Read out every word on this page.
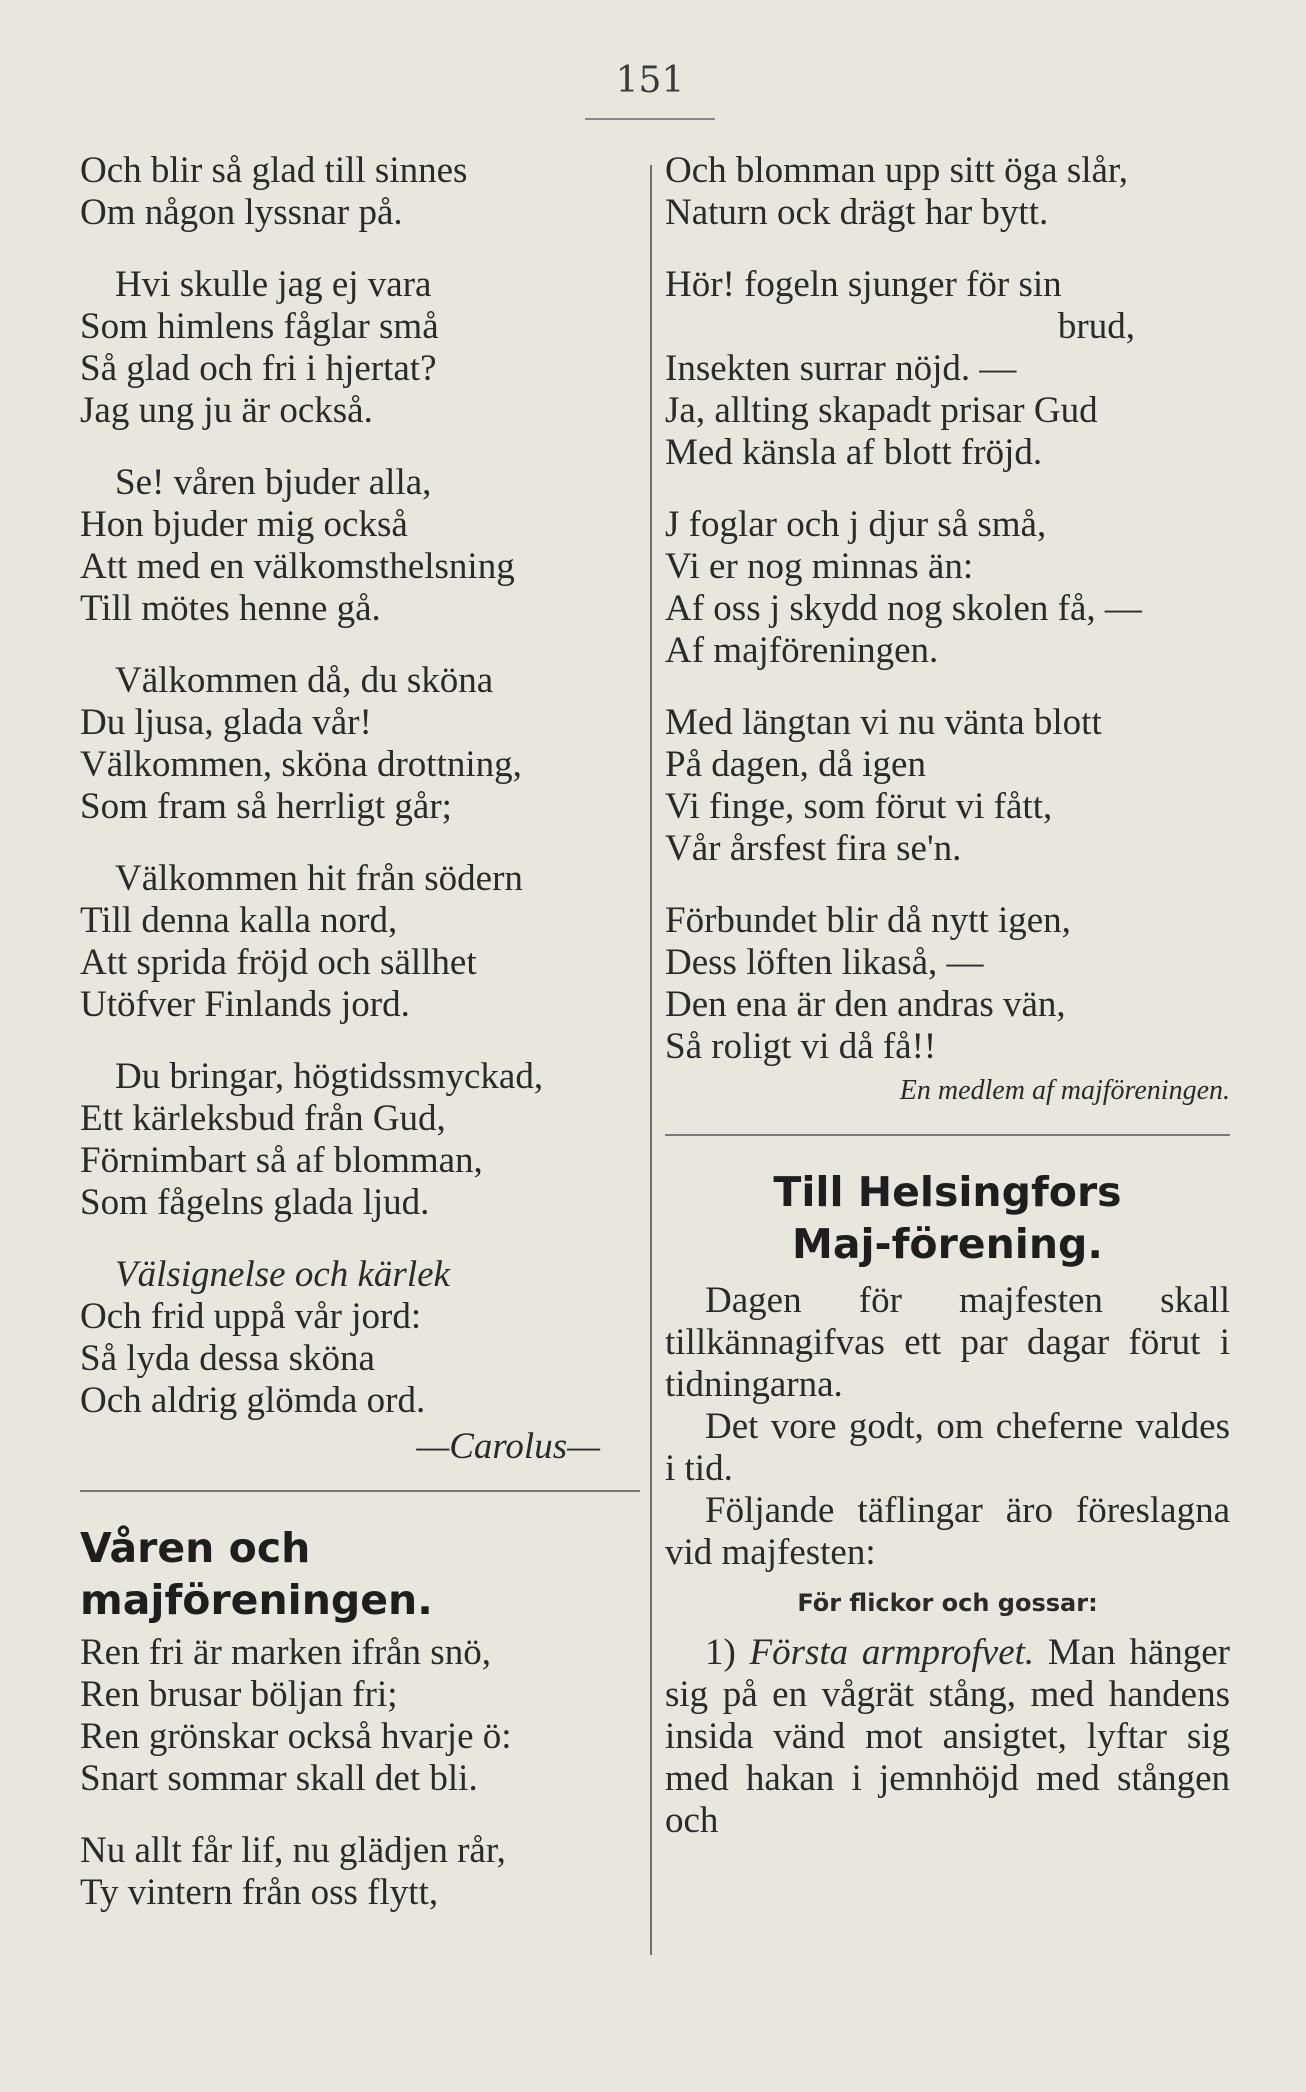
151
Och blir så glad till sinnes
Om någon lyssnar på.
Hvi skulle jag ej vara
Som himlens fåglar små
Så glad och fri i hjertat?
Jag ung ju är också.
Se! våren bjuder alla,
Hon bjuder mig också
Att med en välkomsthelsning
Till mötes henne gå.
Välkommen då, du sköna
Du ljusa, glada vår!
Välkommen, sköna drottning,
Som fram så herrligt går;
Välkommen hit från södern
Till denna kalla nord,
Att sprida fröjd och sällhet
Utöfver Finlands jord.
Du bringar, högtidssmyckad,
Ett kärleksbud från Gud,
Förnimbart så af blomman,
Som fågelns glada ljud.
Välsignelse och kärlek
Och frid uppå vår jord:
Så lyda dessa sköna
Och aldrig glömda ord.
—Carolus—
Våren och majföreningen.
Ren fri är marken ifrån snö,
Ren brusar böljan fri;
Ren grönskar också hvarje ö:
Snart sommar skall det bli.
Nu allt får lif, nu glädjen rår,
Ty vintern från oss flytt,
Och blomman upp sitt öga slår,
Naturn ock drägt har bytt.
Hör! fogeln sjunger för sin
brud,
Insekten surrar nöjd. —
Ja, allting skapadt prisar Gud
Med känsla af blott fröjd.
J foglar och j djur så små,
Vi er nog minnas än:
Af oss j skydd nog skolen få, —
Af majföreningen.
Med längtan vi nu vänta blott
På dagen, då igen
Vi finge, som förut vi fått,
Vår årsfest fira se'n.
Förbundet blir då nytt igen,
Dess löften likaså, —
Den ena är den andras vän,
Så roligt vi då få!!
En medlem af majföreningen.
Till Helsingfors Maj-förening.
Dagen för majfesten skall tillkännagifvas ett par dagar förut i tidningarna.
Det vore godt, om cheferne valdes i tid.
Följande täflingar äro föreslagna vid majfesten:
För flickor och gossar:
1) Första armprofvet. Man hänger sig på en vågrät stång, med handens insida vänd mot ansigtet, lyftar sig med hakan i jemnhöjd med stången och
